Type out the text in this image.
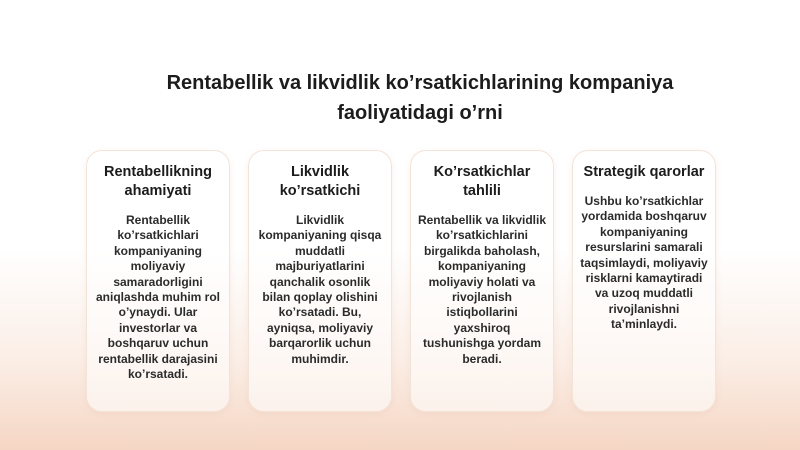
Rentabellik va likvidlik ko’rsatkichlarining kompaniya faoliyatidagi o’rni
Rentabellikning ahamiyati
Rentabellik ko’rsatkichlari kompaniyaning moliyaviy samaradorligini aniqlashda muhim rol o’ynaydi. Ular investorlar va boshqaruv uchun rentabellik darajasini ko’rsatadi.
Likvidlik ko’rsatkichi
Likvidlik kompaniyaning qisqa muddatli majburiyatlarini qanchalik osonlik bilan qoplay olishini ko’rsatadi. Bu, ayniqsa, moliyaviy barqarorlik uchun muhimdir.
Ko’rsatkichlar tahlili
Rentabellik va likvidlik ko’rsatkichlarini birgalikda baholash, kompaniyaning moliyaviy holati va rivojlanish istiqbollarini yaxshiroq tushunishga yordam beradi.
Strategik qarorlar
Ushbu ko’rsatkichlar yordamida boshqaruv kompaniyaning resurslarini samarali taqsimlaydi, moliyaviy risklarni kamaytiradi va uzoq muddatli rivojlanishni ta’minlaydi.
